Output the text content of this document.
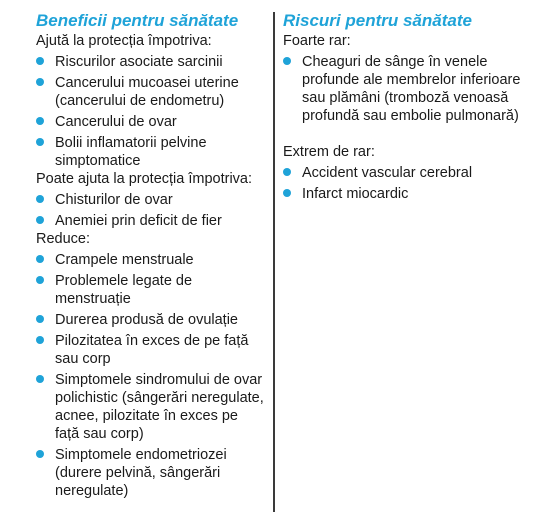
Beneficii pentru sănătate

Ajută la protecția împotriva:

Riscurilor asociate sarcinii
Cancerului mucoasei uterine (cancerului de endometru)
Cancerului de ovar
Bolii inflamatorii pelvine simptomatice

Poate ajuta la protecția împotriva:

Chisturilor de ovar
Anemiei prin deficit de fier

Reduce:

Crampele menstruale
Problemele legate de menstruație
Durerea produsă de ovulație
Pilozitatea în exces de pe față sau corp
Simptomele sindromului de ovar polichistic (sângerări neregulate, acnee, pilozitate în exces pe față sau corp)
Simptomele endometriozei (durere pelvină, sângerări neregulate)
Riscuri pentru sănătate

Foarte rar:

Cheaguri de sânge în venele profunde ale membrelor inferioare sau plămâni (tromboză venoasă profundă sau embolie pulmonară)

Extrem de rar:

Accident vascular cerebral
Infarct miocardic
